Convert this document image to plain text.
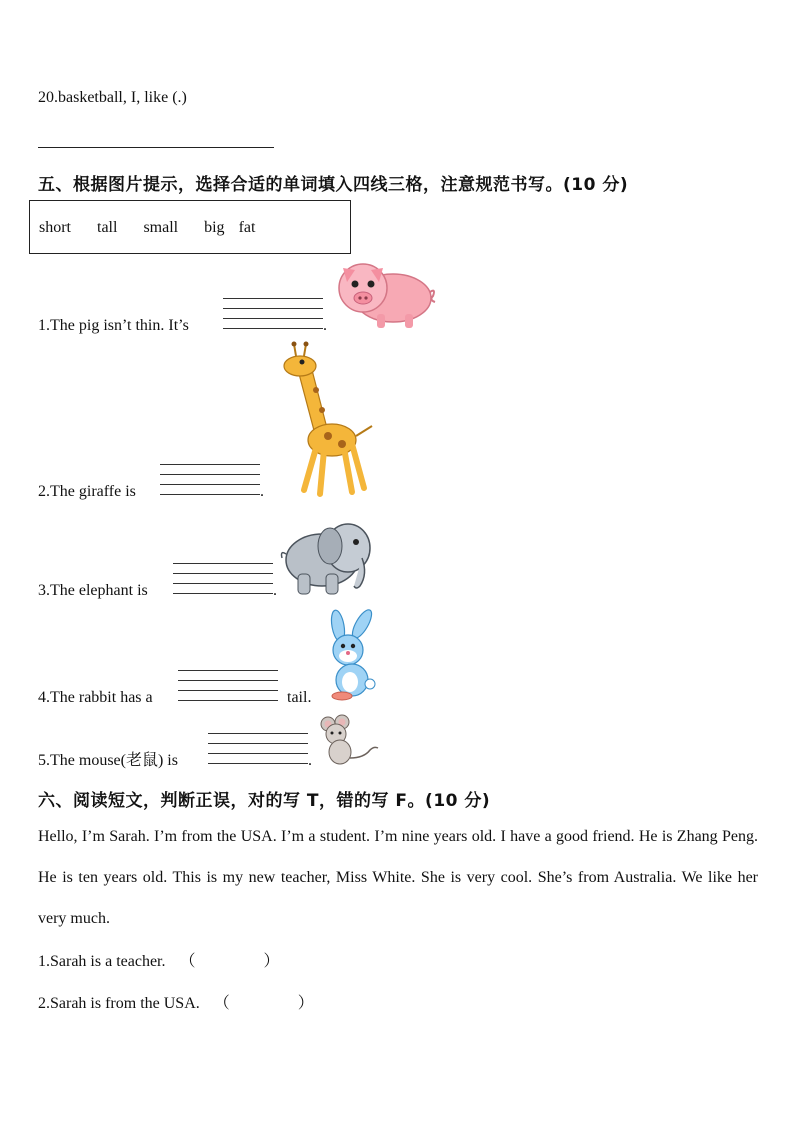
20.basketball, I, like (.)
五、根据图片提示，选择合适的单词填入四线三格，注意规范书写。(10 分)
short tall small big fat
1.The pig isn’t thin. It’s	.
2.The giraffe is	.
3.The elephant is	.
4.The rabbit has a	tail.
5.The mouse(老鼠) is	.
六、阅读短文，判断正误，对的写 T，错的写 F。(10 分)
Hello, I’m Sarah. I’m from the USA. I’m a student. I’m nine years old. I have a good friend. He is Zhang Peng. He is ten years old. This is my new teacher, Miss White. She is very cool. She’s from Australia. We like her very much.
1.Sarah is a teacher. （	）
2.Sarah is from the USA. （	）
